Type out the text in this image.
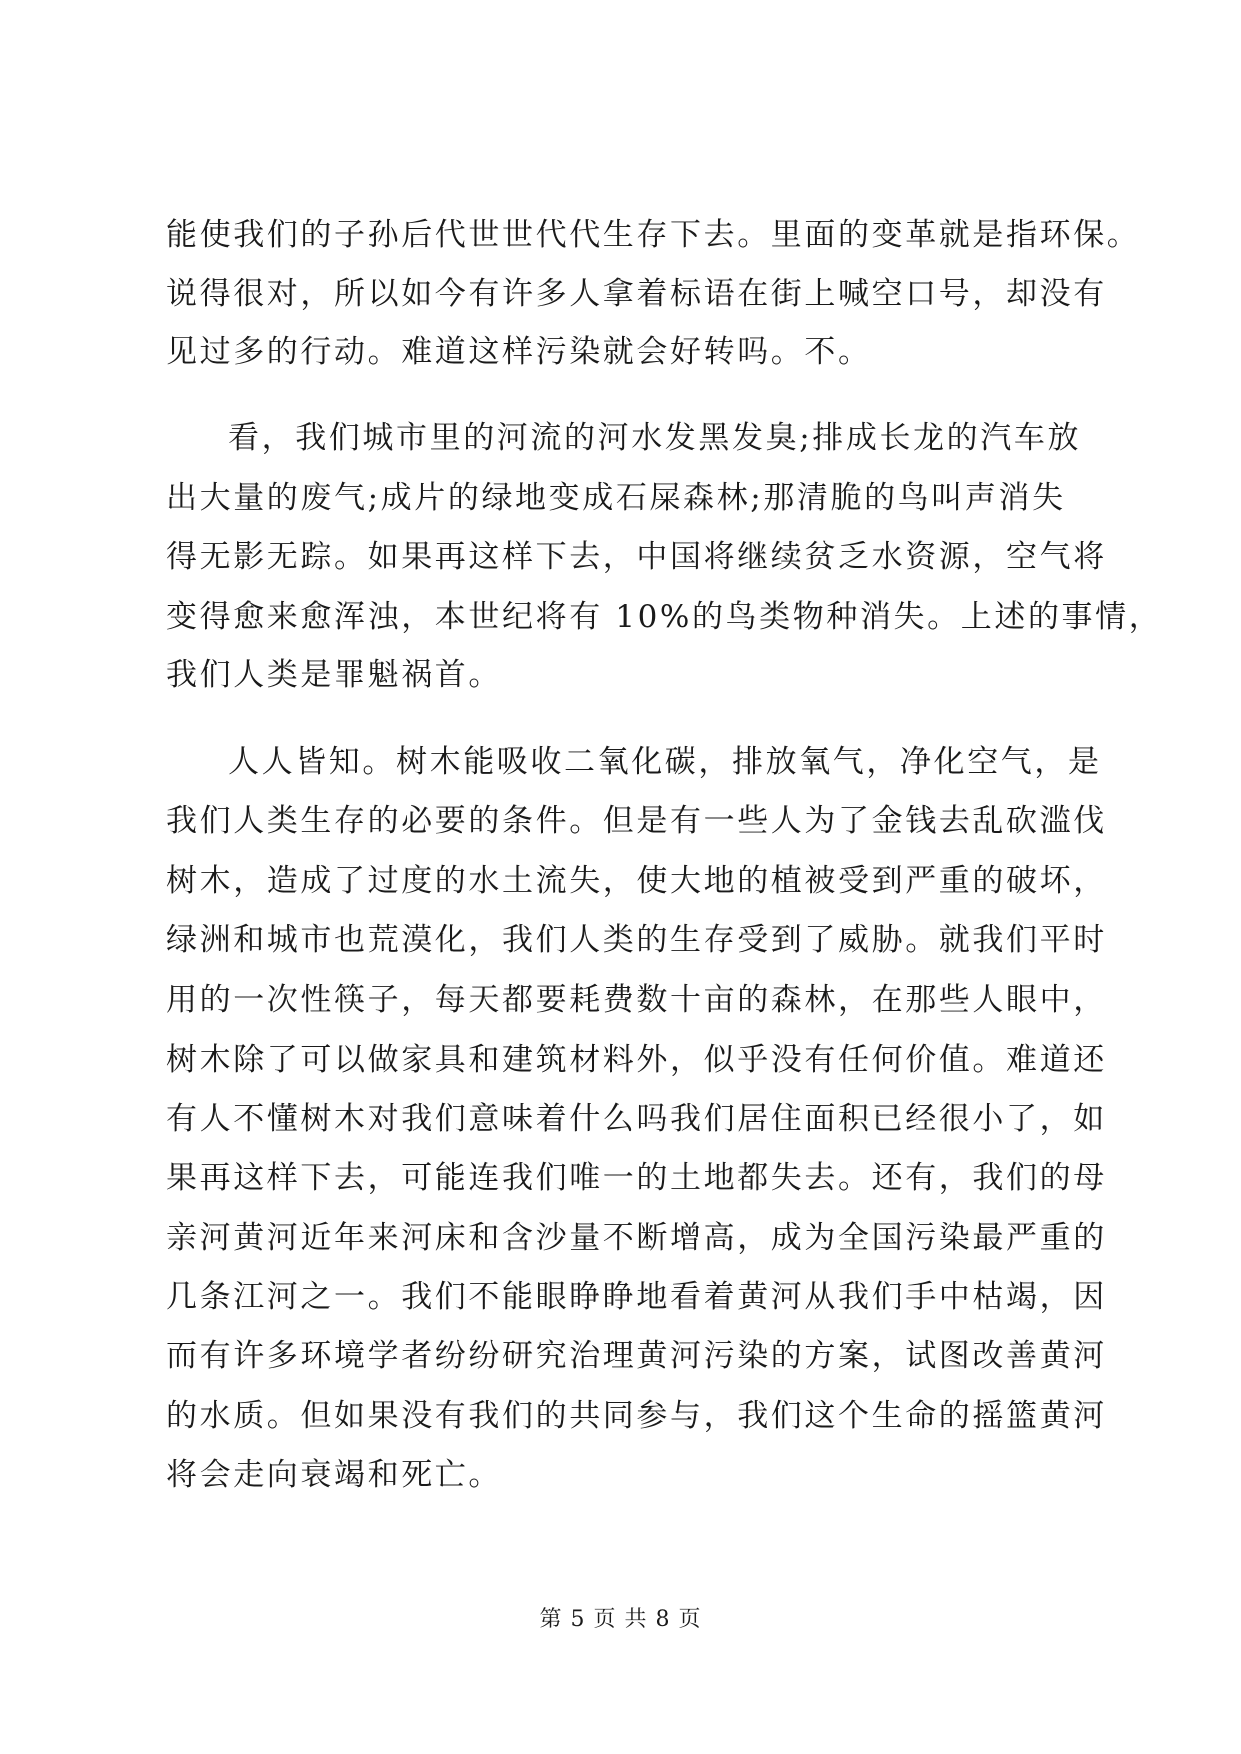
能使我们的子孙后代世世代代生存下去。里面的变革就是指环保。
说得很对，所以如今有许多人拿着标语在街上喊空口号，却没有
见过多的行动。难道这样污染就会好转吗。不。
看，我们城市里的河流的河水发黑发臭;排成长龙的汽车放
出大量的废气;成片的绿地变成石屎森林;那清脆的鸟叫声消失
得无影无踪。如果再这样下去，中国将继续贫乏水资源，空气将
变得愈来愈浑浊，本世纪将有 10%的鸟类物种消失。上述的事情，
我们人类是罪魁祸首。
人人皆知。树木能吸收二氧化碳，排放氧气，净化空气，是
我们人类生存的必要的条件。但是有一些人为了金钱去乱砍滥伐
树木，造成了过度的水土流失，使大地的植被受到严重的破坏，
绿洲和城市也荒漠化，我们人类的生存受到了威胁。就我们平时
用的一次性筷子，每天都要耗费数十亩的森林，在那些人眼中，
树木除了可以做家具和建筑材料外，似乎没有任何价值。难道还
有人不懂树木对我们意味着什么吗我们居住面积已经很小了，如
果再这样下去，可能连我们唯一的土地都失去。还有，我们的母
亲河黄河近年来河床和含沙量不断增高，成为全国污染最严重的
几条江河之一。我们不能眼睁睁地看着黄河从我们手中枯竭，因
而有许多环境学者纷纷研究治理黄河污染的方案，试图改善黄河
的水质。但如果没有我们的共同参与，我们这个生命的摇篮黄河
将会走向衰竭和死亡。
第 5 页 共 8 页
